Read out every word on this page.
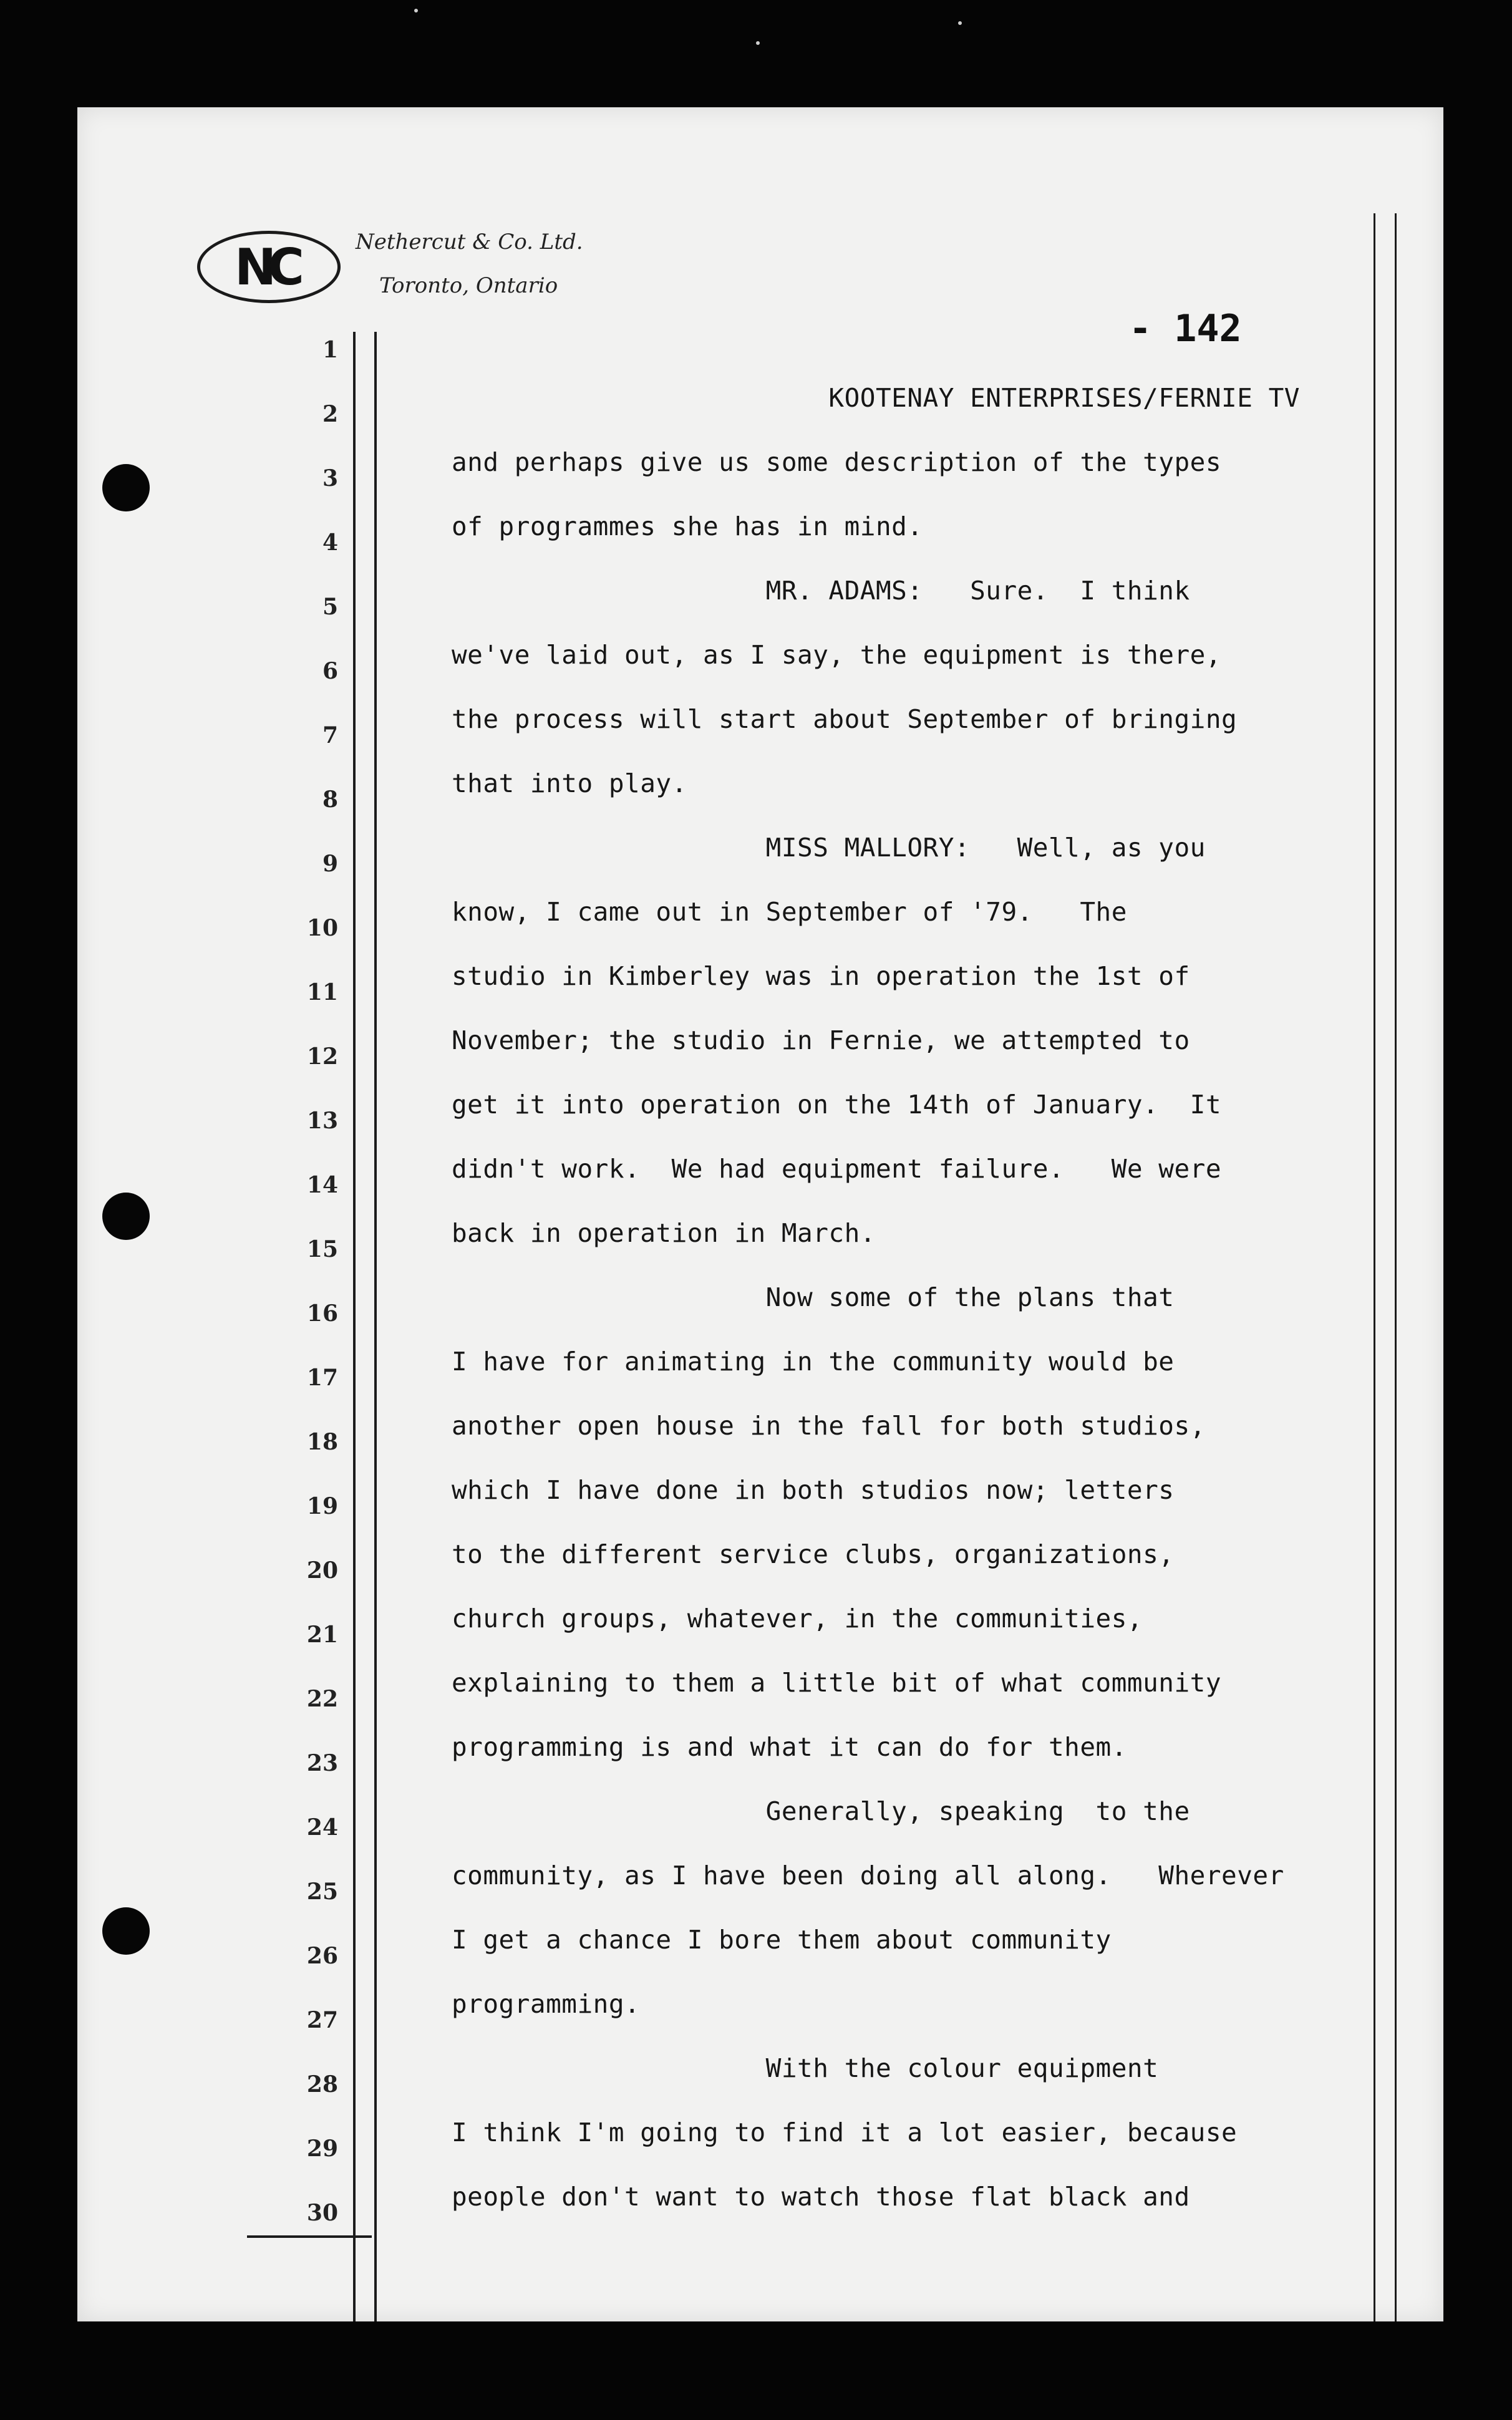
NC	Nethercut & Co. Ltd.
Toronto, Ontario
- 142
1
2
3
4
5
6
7
8
9
10
11
12
13
14
15
16
17
18
19
20
21
22
23
24
25
26
27
28
29
30
KOOTENAY ENTERPRISES/FERNIE TV
and perhaps give us some description of the types
of programmes she has in mind.
MR. ADAMS:   Sure.  I think
we've laid out, as I say, the equipment is there,
the process will start about September of bringing
that into play.
MISS MALLORY:   Well, as you
know, I came out in September of '79.   The
studio in Kimberley was in operation the 1st of
November; the studio in Fernie, we attempted to
get it into operation on the 14th of January.  It
didn't work.  We had equipment failure.   We were
back in operation in March.
Now some of the plans that
I have for animating in the community would be
another open house in the fall for both studios,
which I have done in both studios now; letters
to the different service clubs, organizations,
church groups, whatever, in the communities,
explaining to them a little bit of what community
programming is and what it can do for them.
Generally, speaking  to the
community, as I have been doing all along.   Wherever
I get a chance I bore them about community
programming.
With the colour equipment
I think I'm going to find it a lot easier, because
people don't want to watch those flat black and
